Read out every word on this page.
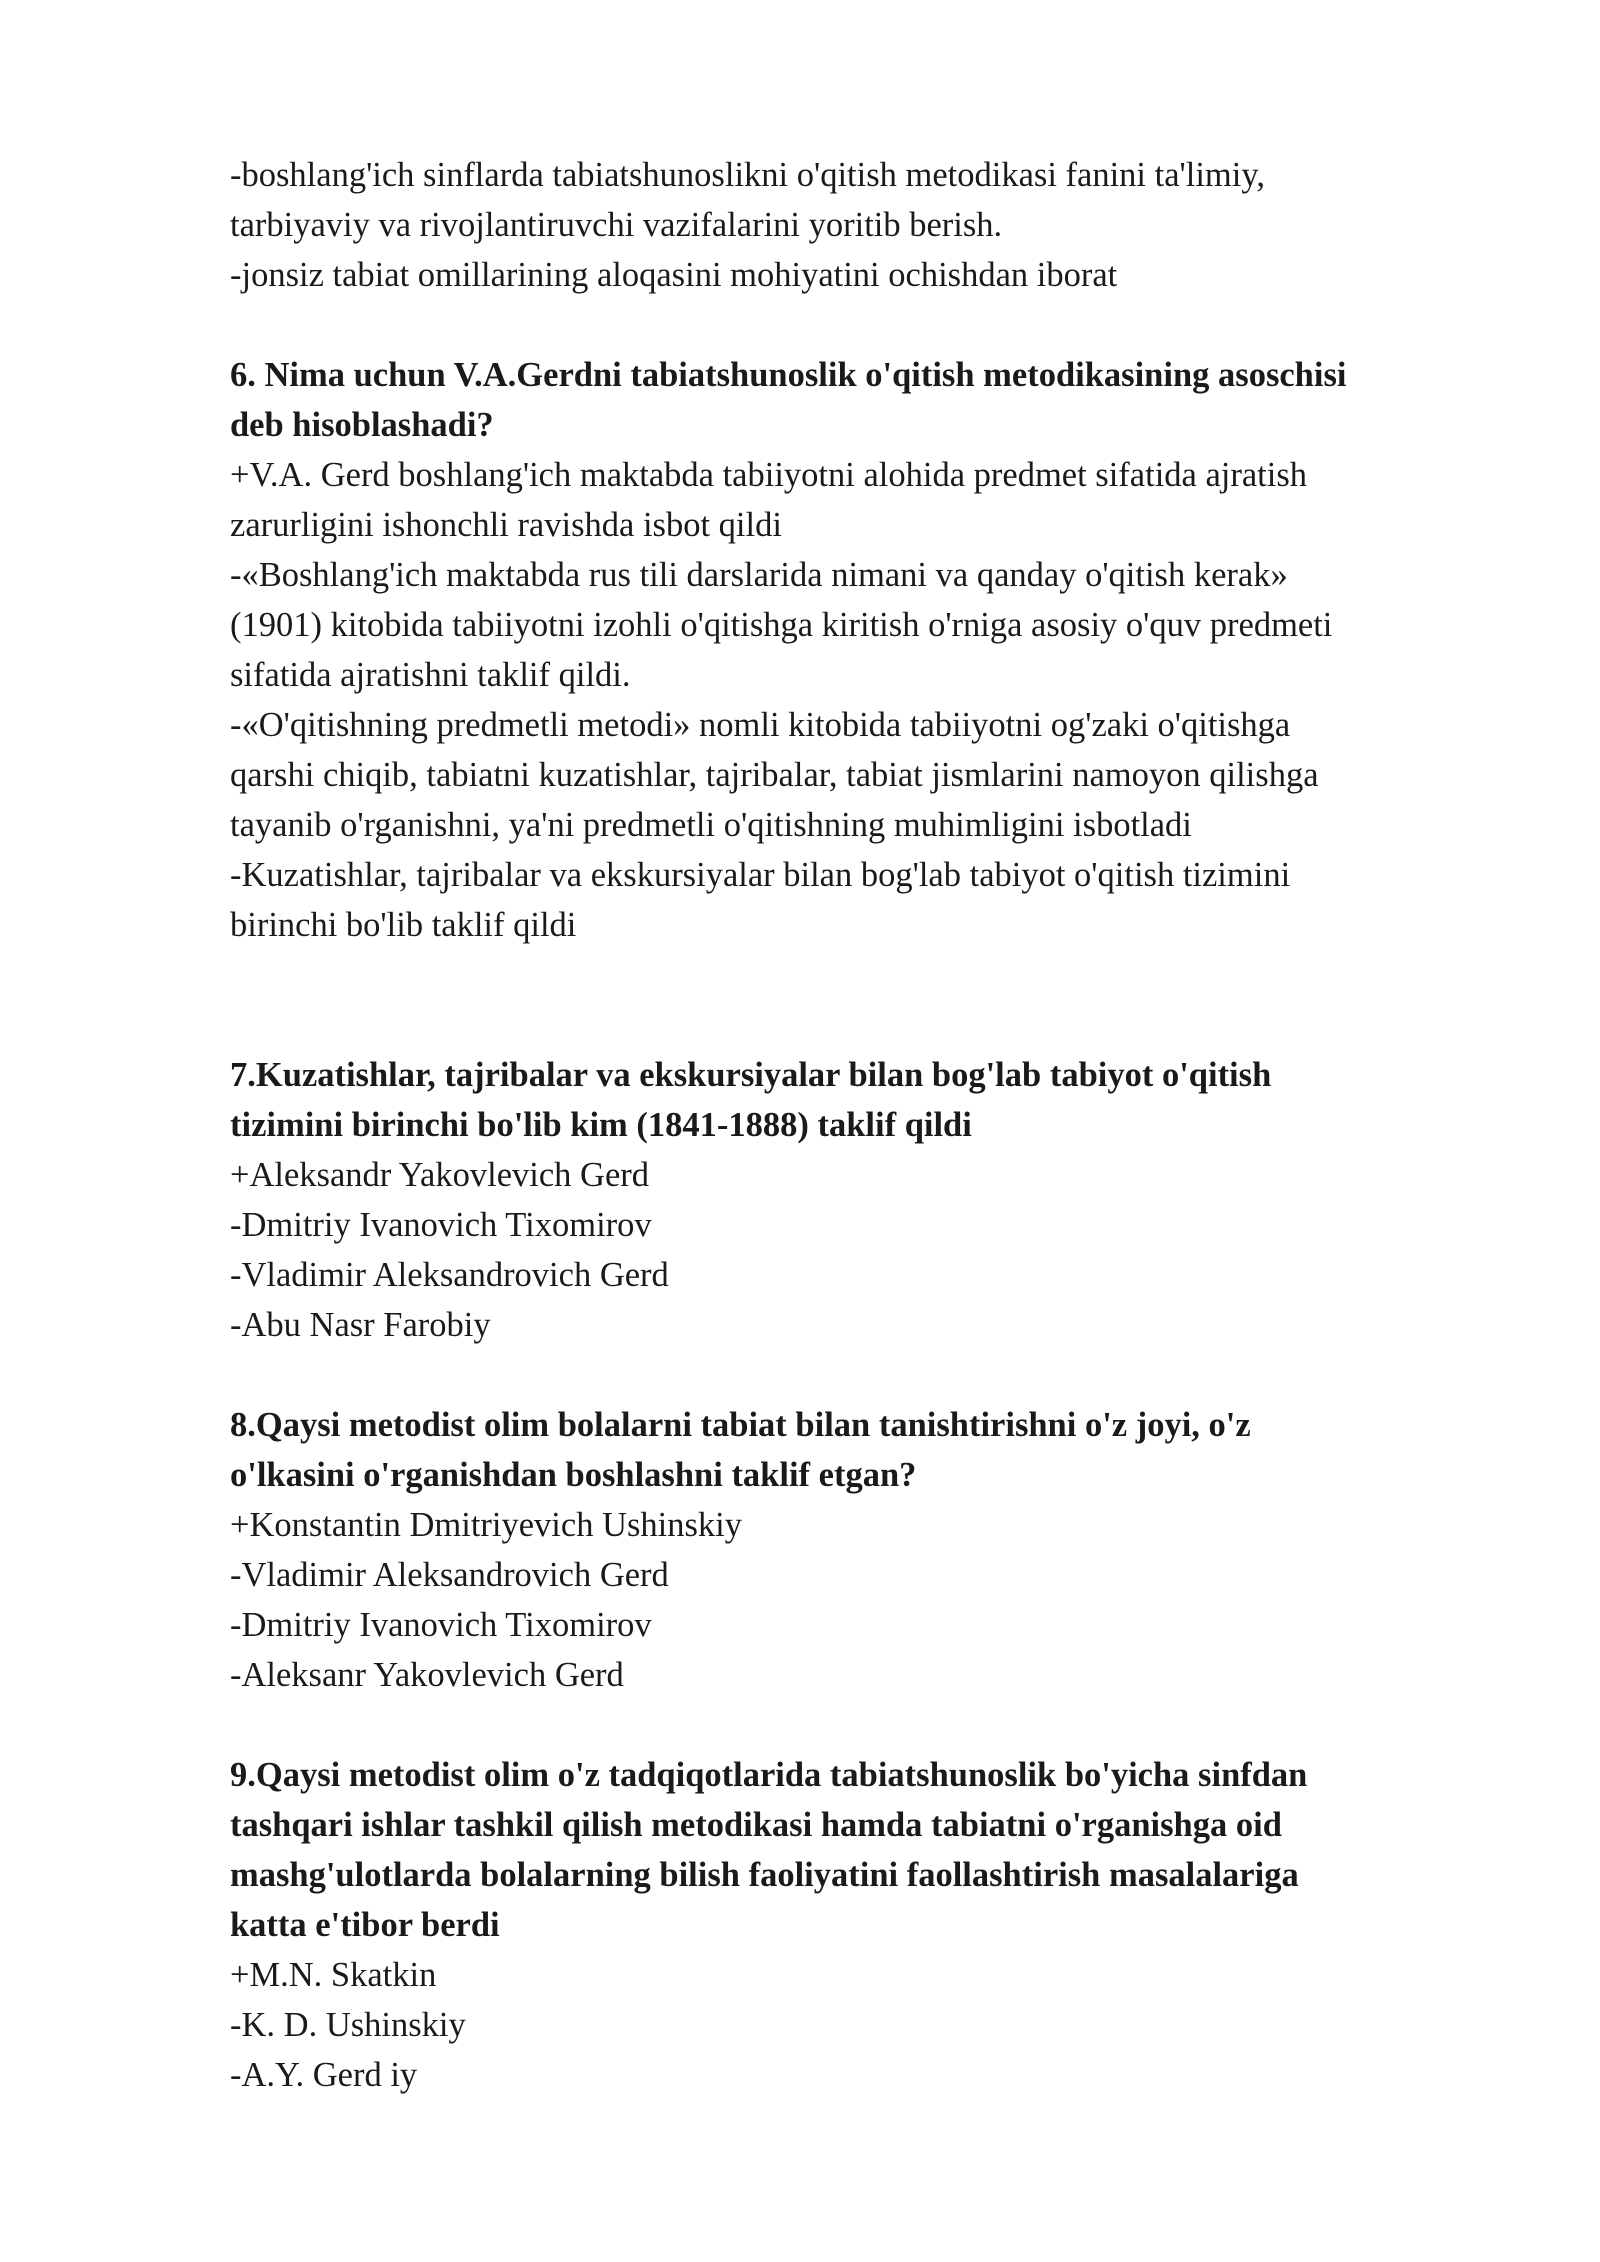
-boshlang'ich sinflarda tabiatshunoslikni o'qitish metodikasi fanini ta'limiy,
tarbiyaviy va rivojlantiruvchi vazifalarini yoritib berish.
-jonsiz tabiat omillarining aloqasini mohiyatini ochishdan iborat
6. Nima uchun V.A.Gerdni tabiatshunoslik o'qitish metodikasining asoschisi
deb hisoblashadi?
+V.A. Gerd boshlang'ich maktabda tabiiyotni alohida predmet sifatida ajratish
zarurligini ishonchli ravishda isbot qildi
-«Boshlang'ich maktabda rus tili darslarida nimani va qanday o'qitish kerak»
(1901) kitobida tabiiyotni izohli o'qitishga kiritish o'rniga asosiy o'quv predmeti
sifatida ajratishni taklif qildi.
-«O'qitishning predmetli metodi» nomli kitobida tabiiyotni og'zaki o'qitishga
qarshi chiqib, tabiatni kuzatishlar, tajribalar, tabiat jismlarini namoyon qilishga
tayanib o'rganishni, ya'ni predmetli o'qitishning muhimligini isbotladi
-Kuzatishlar, tajribalar va ekskursiyalar bilan bog'lab tabiyot o'qitish tizimini
birinchi bo'lib taklif qildi
7.Kuzatishlar, tajribalar va ekskursiyalar bilan bog'lab tabiyot o'qitish
tizimini birinchi bo'lib kim (1841-1888) taklif qildi
+Aleksandr Yakovlevich Gerd
-Dmitriy Ivanovich Tixomirov
-Vladimir Aleksandrovich Gerd
-Abu Nasr Farobiy
8.Qaysi metodist olim bolalarni tabiat bilan tanishtirishni o'z joyi, o'z
o'lkasini o'rganishdan boshlashni taklif etgan?
+Konstantin Dmitriyevich Ushinskiy
-Vladimir Aleksandrovich Gerd
-Dmitriy Ivanovich Tixomirov
-Aleksanr Yakovlevich Gerd
9.Qaysi metodist olim o'z tadqiqotlarida tabiatshunoslik bo'yicha sinfdan
tashqari ishlar tashkil qilish metodikasi hamda tabiatni o'rganishga oid
mashg'ulotlarda bolalarning bilish faoliyatini faollashtirish masalalariga
katta e'tibor berdi
+M.N. Skatkin
-K. D. Ushinskiy
-A.Y. Gerd iy
